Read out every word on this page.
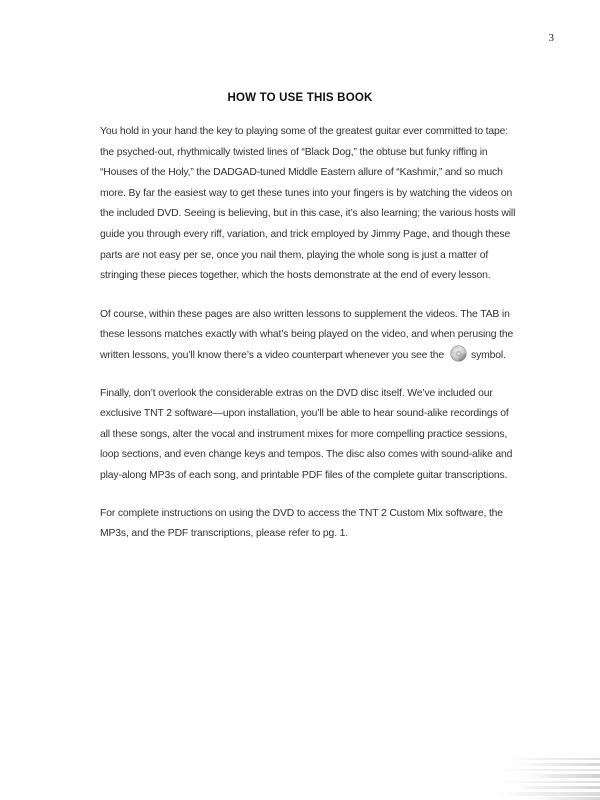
3
HOW TO USE THIS BOOK

You hold in your hand the key to playing some of the greatest guitar ever committed to tape: the psyched-out, rhythmically twisted lines of “Black Dog,” the obtuse but funky riffing in “Houses of the Holy,” the DADGAD-tuned Middle Eastern allure of “Kashmir,” and so much more. By far the easiest way to get these tunes into your fingers is by watching the videos on the included DVD. Seeing is believing, but in this case, it’s also learning; the various hosts will guide you through every riff, variation, and trick employed by Jimmy Page, and though these parts are not easy per se, once you nail them, playing the whole song is just a matter of stringing these pieces together, which the hosts demonstrate at the end of every lesson.

Of course, within these pages are also written lessons to supplement the videos. The TAB in these lessons matches exactly with what’s being played on the video, and when perusing the written lessons, you’ll know there’s a video counterpart whenever you see the	symbol.

Finally, don’t overlook the considerable extras on the DVD disc itself. We’ve included our exclusive TNT 2 software—upon installation, you’ll be able to hear sound-alike recordings of all these songs, alter the vocal and instrument mixes for more compelling practice sessions, loop sections, and even change keys and tempos. The disc also comes with sound-alike and play-along MP3s of each song, and printable PDF files of the complete guitar transcriptions.

For complete instructions on using the DVD to access the TNT 2 Custom Mix software, the MP3s, and the PDF transcriptions, please refer to pg. 1.
